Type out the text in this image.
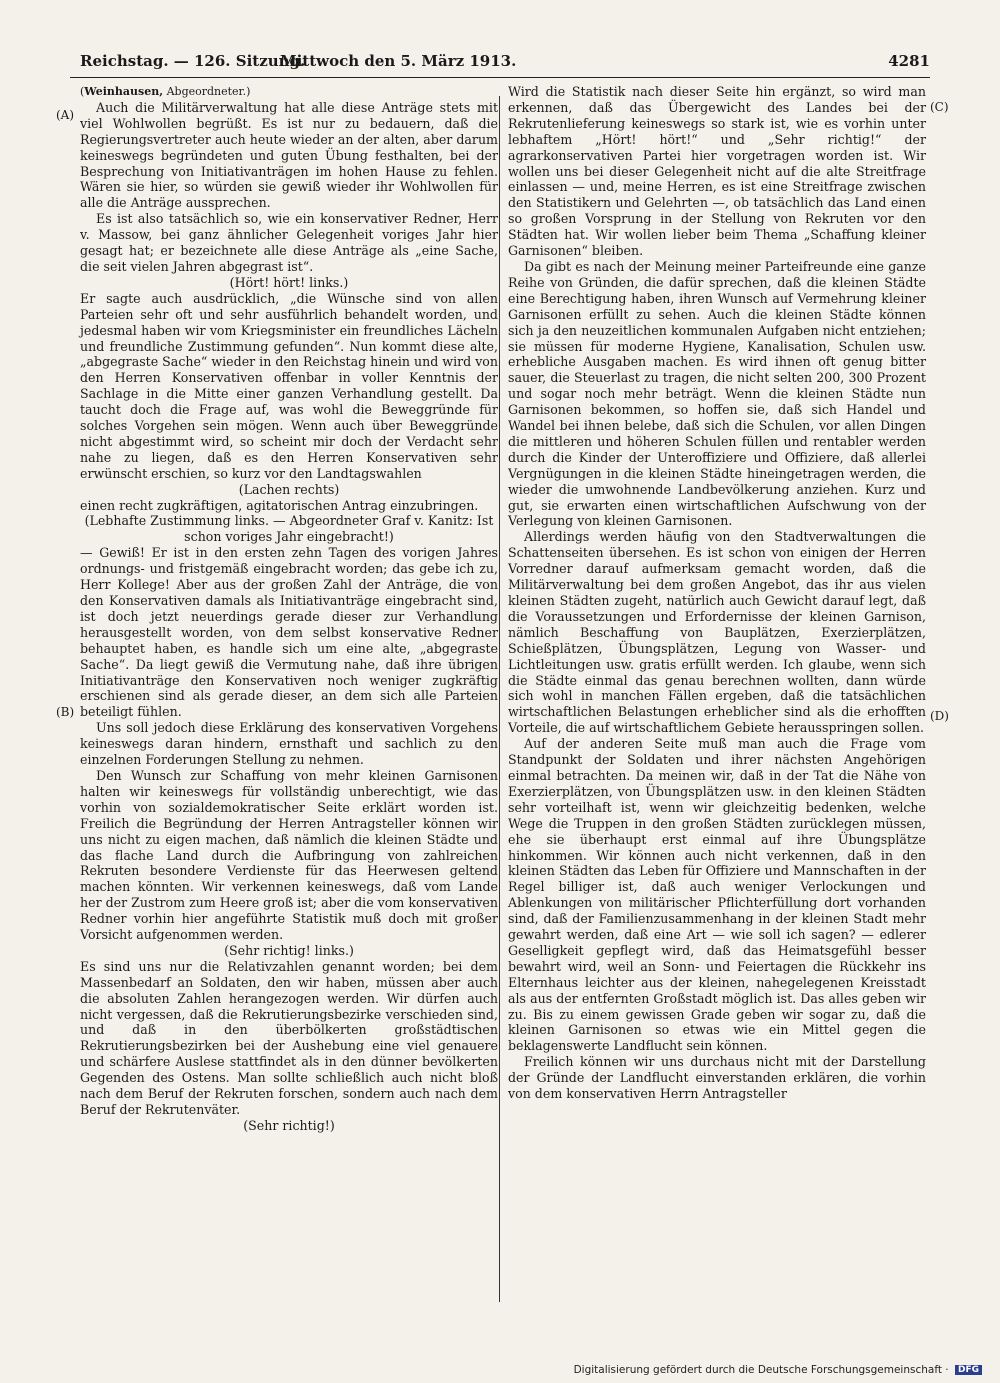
Reichstag. — 126. Sitzung.
Mittwoch den 5. März 1913.	4281
(A)
(B)
(C)
(D)

(Weinhausen, Abgeordneter.)

Auch die Militärverwaltung hat alle diese Anträge stets mit viel Wohlwollen begrüßt. Es ist nur zu bedauern, daß die Regierungsvertreter auch heute wieder an der alten, aber darum keineswegs begründeten und guten Übung festhalten, bei der Besprechung von Initiativanträgen im hohen Hause zu fehlen. Wären sie hier, so würden sie gewiß wieder ihr Wohlwollen für alle die Anträge aussprechen.

Es ist also tatsächlich so, wie ein konservativer Redner, Herr v. Massow, bei ganz ähnlicher Gelegenheit voriges Jahr hier gesagt hat; er bezeichnete alle diese Anträge als „eine Sache, die seit vielen Jahren abgegrast ist“.

(Hört! hört! links.)

Er sagte auch ausdrücklich, „die Wünsche sind von allen Parteien sehr oft und sehr ausführlich behandelt worden, und jedesmal haben wir vom Kriegsminister ein freundliches Lächeln und freundliche Zustimmung gefunden“. Nun kommt diese alte, „abgegraste Sache“ wieder in den Reichstag hinein und wird von den Herren Konservativen offenbar in voller Kenntnis der Sachlage in die Mitte einer ganzen Verhandlung gestellt. Da taucht doch die Frage auf, was wohl die Beweggründe für solches Vorgehen sein mögen. Wenn auch über Beweggründe nicht abgestimmt wird, so scheint mir doch der Verdacht sehr nahe zu liegen, daß es den Herren Konservativen sehr erwünscht erschien, so kurz vor den Landtagswahlen

(Lachen rechts)

einen recht zugkräftigen, agitatorischen Antrag einzubringen.

(Lebhafte Zustimmung links. — Abgeordneter Graf v. Kanitz: Ist schon voriges Jahr eingebracht!)

— Gewiß! Er ist in den ersten zehn Tagen des vorigen Jahres ordnungs- und fristgemäß eingebracht worden; das gebe ich zu, Herr Kollege! Aber aus der großen Zahl der Anträge, die von den Konservativen damals als Initiativanträge eingebracht sind, ist doch jetzt neuerdings gerade dieser zur Verhandlung herausgestellt worden, von dem selbst konservative Redner behauptet haben, es handle sich um eine alte, „abgegraste Sache“. Da liegt gewiß die Vermutung nahe, daß ihre übrigen Initiativanträge den Konservativen noch weniger zugkräftig erschienen sind als gerade dieser, an dem sich alle Parteien beteiligt fühlen.

Uns soll jedoch diese Erklärung des konservativen Vorgehens keineswegs daran hindern, ernsthaft und sachlich zu den einzelnen Forderungen Stellung zu nehmen.

Den Wunsch zur Schaffung von mehr kleinen Garnisonen halten wir keineswegs für vollständig unberechtigt, wie das vorhin von sozialdemokratischer Seite erklärt worden ist. Freilich die Begründung der Herren Antragsteller können wir uns nicht zu eigen machen, daß nämlich die kleinen Städte und das flache Land durch die Aufbringung von zahlreichen Rekruten besondere Verdienste für das Heerwesen geltend machen könnten. Wir verkennen keineswegs, daß vom Lande her der Zustrom zum Heere groß ist; aber die vom konservativen Redner vorhin hier angeführte Statistik muß doch mit großer Vorsicht aufgenommen werden.

(Sehr richtig! links.)

Es sind uns nur die Relativzahlen genannt worden; bei dem Massenbedarf an Soldaten, den wir haben, müssen aber auch die absoluten Zahlen herangezogen werden. Wir dürfen auch nicht vergessen, daß die Rekrutierungsbezirke verschieden sind, und daß in den überbölkerten großstädtischen Rekrutierungsbezirken bei der Aushebung eine viel genauere und schärfere Auslese stattfindet als in den dünner bevölkerten Gegenden des Ostens. Man sollte schließlich auch nicht bloß nach dem Beruf der Rekruten forschen, sondern auch nach dem Beruf der Rekrutenväter.

(Sehr richtig!)

Wird die Statistik nach dieser Seite hin ergänzt, so wird man erkennen, daß das Übergewicht des Landes bei der Rekrutenlieferung keineswegs so stark ist, wie es vorhin unter lebhaftem „Hört! hört!“ und „Sehr richtig!“ der agrarkonservativen Partei hier vorgetragen worden ist. Wir wollen uns bei dieser Gelegenheit nicht auf die alte Streitfrage einlassen — und, meine Herren, es ist eine Streitfrage zwischen den Statistikern und Gelehrten —, ob tatsächlich das Land einen so großen Vorsprung in der Stellung von Rekruten vor den Städten hat. Wir wollen lieber beim Thema „Schaffung kleiner Garnisonen“ bleiben.

Da gibt es nach der Meinung meiner Parteifreunde eine ganze Reihe von Gründen, die dafür sprechen, daß die kleinen Städte eine Berechtigung haben, ihren Wunsch auf Vermehrung kleiner Garnisonen erfüllt zu sehen. Auch die kleinen Städte können sich ja den neuzeitlichen kommunalen Aufgaben nicht entziehen; sie müssen für moderne Hygiene, Kanalisation, Schulen usw. erhebliche Ausgaben machen. Es wird ihnen oft genug bitter sauer, die Steuerlast zu tragen, die nicht selten 200, 300 Prozent und sogar noch mehr beträgt. Wenn die kleinen Städte nun Garnisonen bekommen, so hoffen sie, daß sich Handel und Wandel bei ihnen belebe, daß sich die Schulen, vor allen Dingen die mittleren und höheren Schulen füllen und rentabler werden durch die Kinder der Unteroffiziere und Offiziere, daß allerlei Vergnügungen in die kleinen Städte hineingetragen werden, die wieder die umwohnende Landbevölkerung anziehen. Kurz und gut, sie erwarten einen wirtschaftlichen Aufschwung von der Verlegung von kleinen Garnisonen.

Allerdings werden häufig von den Stadtverwaltungen die Schattenseiten übersehen. Es ist schon von einigen der Herren Vorredner darauf aufmerksam gemacht worden, daß die Militärverwaltung bei dem großen Angebot, das ihr aus vielen kleinen Städten zugeht, natürlich auch Gewicht darauf legt, daß die Voraussetzungen und Erfordernisse der kleinen Garnison, nämlich Beschaffung von Bauplätzen, Exerzierplätzen, Schießplätzen, Übungsplätzen, Legung von Wasser- und Lichtleitungen usw. gratis erfüllt werden. Ich glaube, wenn sich die Städte einmal das genau berechnen wollten, dann würde sich wohl in manchen Fällen ergeben, daß die tatsächlichen wirtschaftlichen Belastungen erheblicher sind als die erhofften Vorteile, die auf wirtschaftlichem Gebiete herausspringen sollen.

Auf der anderen Seite muß man auch die Frage vom Standpunkt der Soldaten und ihrer nächsten Angehörigen einmal betrachten. Da meinen wir, daß in der Tat die Nähe von Exerzierplätzen, von Übungsplätzen usw. in den kleinen Städten sehr vorteilhaft ist, wenn wir gleichzeitig bedenken, welche Wege die Truppen in den großen Städten zurücklegen müssen, ehe sie überhaupt erst einmal auf ihre Übungsplätze hinkommen. Wir können auch nicht verkennen, daß in den kleinen Städten das Leben für Offiziere und Mannschaften in der Regel billiger ist, daß auch weniger Verlockungen und Ablenkungen von militärischer Pflichterfüllung dort vorhanden sind, daß der Familienzusammenhang in der kleinen Stadt mehr gewahrt werden, daß eine Art — wie soll ich sagen? — edlerer Geselligkeit gepflegt wird, daß das Heimatsgefühl besser bewahrt wird, weil an Sonn- und Feiertagen die Rückkehr ins Elternhaus leichter aus der kleinen, nahegelegenen Kreisstadt als aus der entfernten Großstadt möglich ist. Das alles geben wir zu. Bis zu einem gewissen Grade geben wir sogar zu, daß die kleinen Garnisonen so etwas wie ein Mittel gegen die beklagenswerte Landflucht sein können.

Freilich können wir uns durchaus nicht mit der Darstellung der Gründe der Landflucht einverstanden erklären, die vorhin von dem konservativen Herrn Antragsteller

Digitalisierung gefördert durch die Deutsche Forschungsgemeinschaft · DFG
